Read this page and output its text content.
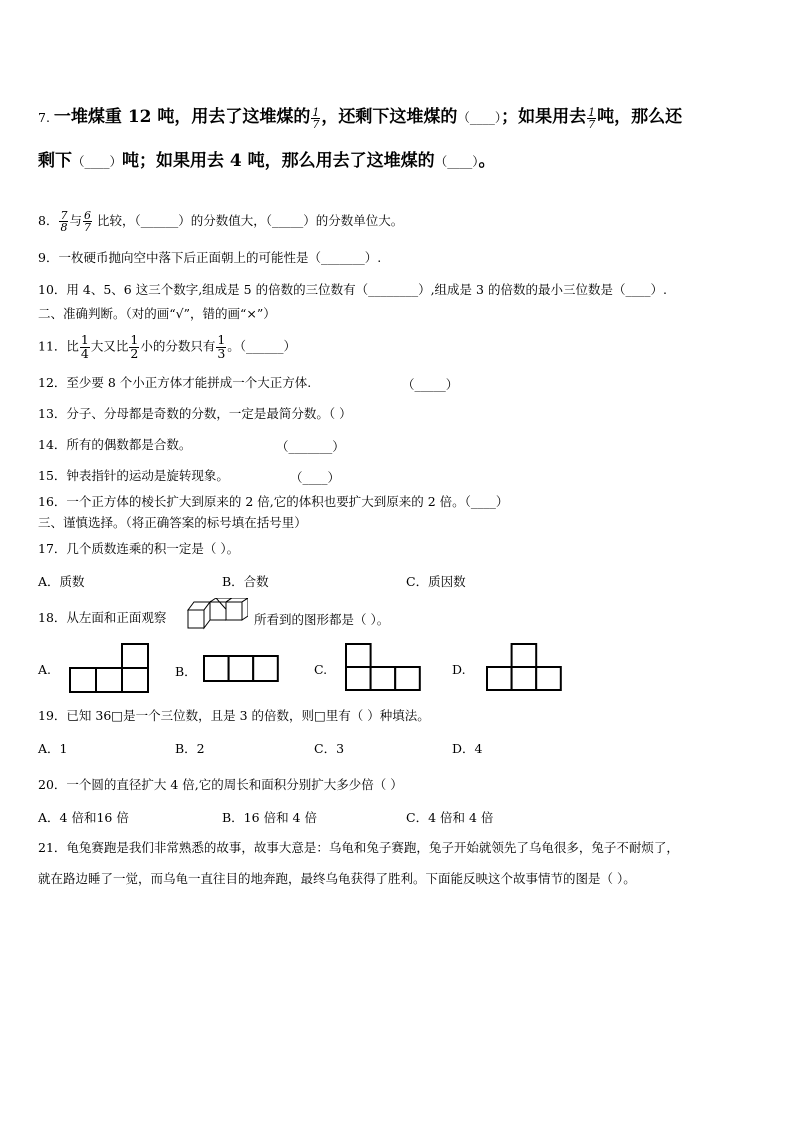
7. 一堆煤重 12 吨，用去了这堆煤的 $\frac{1}{7}$ ，还剩下这堆煤的（____）；如果用去 $\frac{1}{7}$ 吨，那么还
剩下（____）吨；如果用去 4 吨，那么用去了这堆煤的（____）。
8． $\frac{7}{8}$ 与 $\frac{6}{7}$ 比较，（______）的分数值大，（_____）的分数单位大。
9．一枚硬币抛向空中落下后正面朝上的可能性是（_______）.
10．用 4、5、6 这三个数字,组成是 5 的倍数的三位数有（________）,组成是 3 的倍数的最小三位数是（____）.
二、准确判断。（对的画“√”，错的画“×”）
11．比 $\frac{1}{4}$ 大又比 $\frac{1}{2}$ 小的分数只有 $\frac{1}{3}$ 。（______）
12．至少要 8 个小正方体才能拼成一个大正方体.	（_____）
13．分子、分母都是奇数的分数，一定是最简分数。（ ）
14．所有的偶数都是合数。	（_______）
15．钟表指针的运动是旋转现象。	（____）
16．一个正方体的棱长扩大到原来的 2 倍,它的体积也要扩大到原来的 2 倍。（____）
三、谨慎选择。（将正确答案的标号填在括号里）
17．几个质数连乘的积一定是（ ）。
A．质数	B．合数	C．质因数
18．从左面和正面观察	所看到的图形都是（ ）。
A.	B．	C.	D.
19．已知 36□是一个三位数，且是 3 的倍数，则□里有（ ）种填法。
A．1	B．2	C．3	D．4
20．一个圆的直径扩大 4 倍,它的周长和面积分别扩大多少倍（ ）
A．4 倍和16 倍	B．16 倍和 4 倍	C．4 倍和 4 倍
21．龟兔赛跑是我们非常熟悉的故事，故事大意是：乌龟和兔子赛跑，兔子开始就领先了乌龟很多，兔子不耐烦了，
就在路边睡了一觉，而乌龟一直往目的地奔跑，最终乌龟获得了胜利。下面能反映这个故事情节的图是（ ）。
